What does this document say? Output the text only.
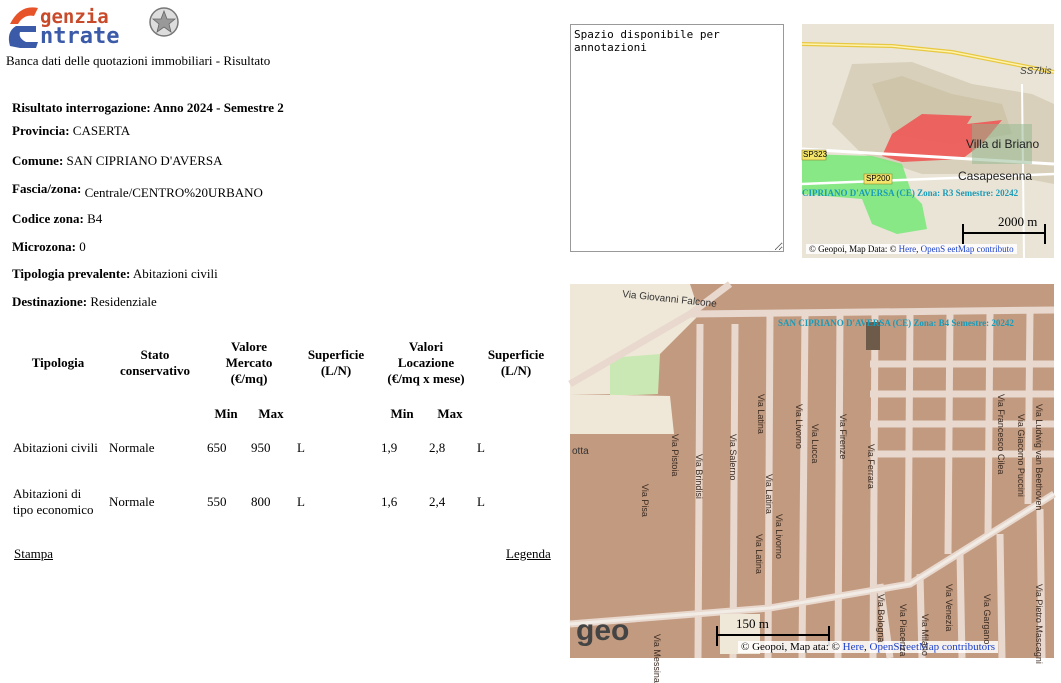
genzia
ntrate
Banca dati delle quotazioni immobiliari - Risultato
Risultato interrogazione: Anno 2024 - Semestre 2
Provincia: CASERTA
Comune: SAN CIPRIANO D'AVERSA
Fascia/zona: Centrale/CENTRO%20URBANO
Codice zona: B4
Microzona: 0
Tipologia prevalente: Abitazioni civili
Destinazione: Residenziale
Tipologia	Stato conservativo	Valore Mercato (€/mq)		Superficie (L/N)	Valori Locazione (€/mq x mese)		Superficie (L/N)
		Min	Max		Min	Max	
Abitazioni civili	Normale	650	950	L	1,9	2,8	L
Abitazioni di tipo economico	Normale	550	800	L	1,6	2,4	L
Stampa	Legenda
Spazio disponibile per annotazioni
SP323
SP200
SS7bis
Villa di Briano
Casapesenna
CIPRIANO D'AVERSA (CE) Zona: R3 Semestre: 20242
2000 m
© Geopoi, Map Data: © Here, OpenS eetMap contributo
Via Giovanni Falcone
otta
SAN CIPRIANO D'AVERSA (CE) Zona: B4 Semestre: 20242
geo	150 m
© Geopoi, Map ata: © Here, OpenStreetMap contributors
Via Pistoia Via Brindisi	Via Salerno
Via Latina
Via Latina
Via Livorno Via Lucca Via Firenze
Via Ferrara
Via Pisa
Via Latina Via Livorno
Via Bologna Via Piacenza Via Milano
Via Venezia	Via Gargano
Via Francesco Cilea Via Giacomo Puccini Via Ludwig van Beethoven
Via Pietro Mascagni
Via Messina
